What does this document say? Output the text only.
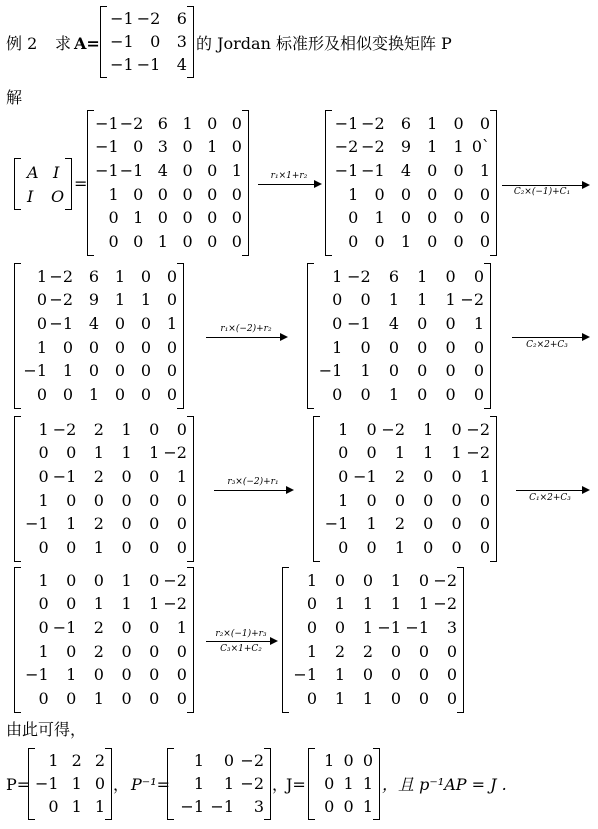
例 2 求 A=
−1 −2	6
−1	0	3
−1 −1	4
的 Jordan 标准形及相似变换矩阵 P
解
A I
I O
=
−1 −2 6 1 0 0
−1 0 3 0 1 0
−1 −1 4 0 0 1
1 0 0 0 0 0
0 1 0 0 0 0
0 0 1 0 0 0
r₁×1+r₂
−1 −2	6	1	0	0
−2 −2	9	1	1 0`
−1 −1	4	0	0	1
1	0	0	0	0	0
0	1	0	0	0	0
0	0	1	0	0	0
C₂×(−1)+C₁
1 −2 6 1 0 0
0 −2 9 1 1 0
0 −1 4 0 0 1
1 0 0 0 0 0
−1 1 0 0 0 0
0 0 1 0 0 0
r₁×(−2)+r₂
1 −2	6	1	0	0
0	0	1	1	1 −2
0 −1	4	0	0	1
1	0	0	0	0	0
−1	1	0	0	0	0
0	0	1	0	0	0
C₂×2+C₃
1 −2	2	1	0	0
0	0	1	1	1 −2
0 −1	2	0	0	1
1	0	0	0	0	0
−1	1	2	0	0	0
0	0	1	0	0	0
r₃×(−2)+r₁
1	0 −2	1	0 −2
0	0	1	1	1 −2
0 −1	2	0	0	1
1	0	0	0	0	0
−1	1	2	0	0	0
0	0	1	0	0	0
C₁×2+C₃
1	0	0	1	0 −2
0	0	1	1	1 −2
0 −1	2	0	0	1
1	0	2	0	0	0
−1	1	0	0	0	0
0	0	1	0	0	0
r₂×(−1)+r₃
C₃×1+C₂
1	0	0	1	0 −2
0	1	1	1	1 −2
0	0	1 −1 −1	3
1	2	2	0	0	0
−1	1	0	0	0	0
0	1	1	0	0	0
由此可得，
P=
1 2 2
−1 1 0
0 1 1
， P⁻¹=
1	0 −2
1	1 −2
−1 −1	3
，
J=
1 0 0
0 1 1
0 0 1
，且 p⁻¹AP = J .
